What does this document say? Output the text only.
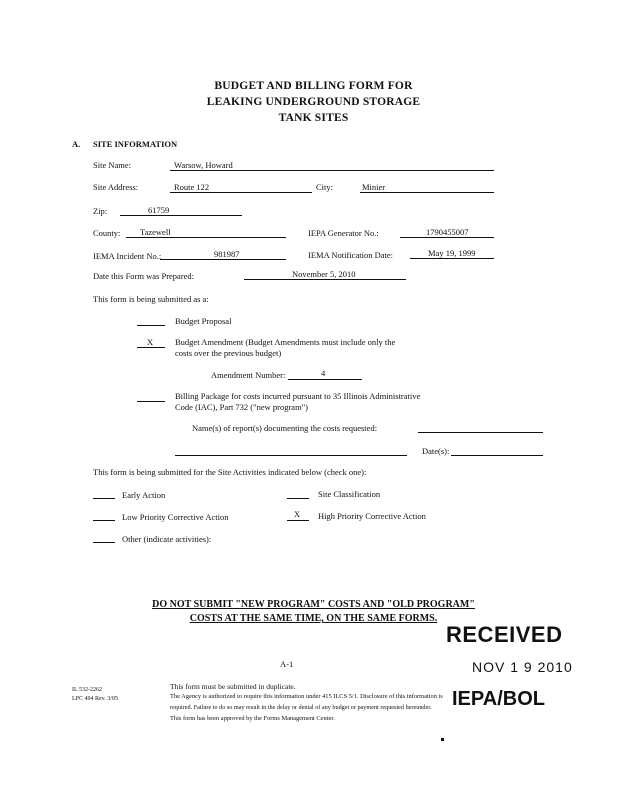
BUDGET AND BILLING FORM FOR
LEAKING UNDERGROUND STORAGE
TANK SITES
A. SITE INFORMATION
Site Name:	Warsow, Howard
Site Address:	Route 122	City:	Minier
Zip:	61759
County: Tazewell	IEPA Generator No.:	1790455007
IEMA Incident No.:	981987	IEMA Notification Date:	May 19, 1999
Date this Form was Prepared:	November 5, 2010
This form is being submitted as a:
Budget Proposal
X	Budget Amendment (Budget Amendments must include only the
costs over the previous budget)
Amendment Number:	4
Billing Package for costs incurred pursuant to 35 Illinois Administrative
Code (IAC), Part 732 ("new program")
Name(s) of report(s) documenting the costs requested:
Date(s):
This form is being submitted for the Site Activities indicated below (check one):
Early Action	Site Classification
Low Priority Corrective Action	X High Priority Corrective Action
Other (indicate activities):
DO NOT SUBMIT "NEW PROGRAM" COSTS AND "OLD PROGRAM"
COSTS AT THE SAME TIME, ON THE SAME FORMS.
RECEIVED
NOV 1 9 2010
A-1
IL 532-2262
LPC 494 Rev. 3/05
This form must be submitted in duplicate.
The Agency is authorized to require this information under 415 ILCS 5/1. Disclosure of this information is
required. Failure to do so may result in the delay or denial of any budget or payment requested hereunder.
This form has been approved by the Forms Management Center.
IEPA/BOL
